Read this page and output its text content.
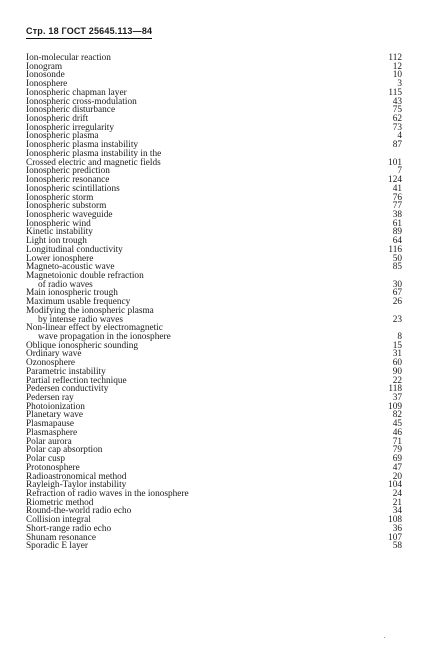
Стр. 18 ГОСТ 25645.113—84
Ion-molecular reaction	112
Ionogram	12
Ionosonde	10
Ionosphere	3
Ionospheric chapman layer	115
Ionospheric cross-modulation	43
Ionospheric disturbance	75
Ionospheric drift	62
Ionospheric irregularity	73
Ionospheric plasma	4
Ionospheric plasma instability	87
Ionospheric plasma instability in the
Crossed electric and magnetic fields	101
Ionospheric prediction	7
Ionospheric resonance	124
Ionospheric scintillations	41
Ionospheric storm	76
Ionospheric substorm	77
Ionospheric waveguide	38
Ionospheric wind	61
Kinetic instability	89
Light ion trough	64
Longitudinal conductivity	116
Lower ionosphere	50
Magneto-acoustic wave	85
Magnetoionic double refraction
of radio waves	30
Main ionospheric trough	67
Maximum usable frequency	26
Modifying the ionospheric plasma
by intense radio waves	23
Non-linear effect by electromagnetic
wave propagation in the ionosphere	8
Oblique ionospheric sounding	15
Ordinary wave	31
Ozonosphere	60
Parametric instability	90
Partial reflection technique	22
Pedersen conductivity	118
Pedersen ray	37
Photoionization	109
Planetary wave	82
Plasmapause	45
Plasmasphere	46
Polar aurora	71
Polar cap absorption	79
Polar cusp	69
Protonosphere	47
Radioastronomical method	20
Rayleigh-Taylor instability	104
Refraction of radio waves in the ionosphere	24
Riometric method	21
Round-the-world radio echo	34
Collision integral	108
Short-range radio echo	36
Shunam resonance	107
Sporadic E layer	58
